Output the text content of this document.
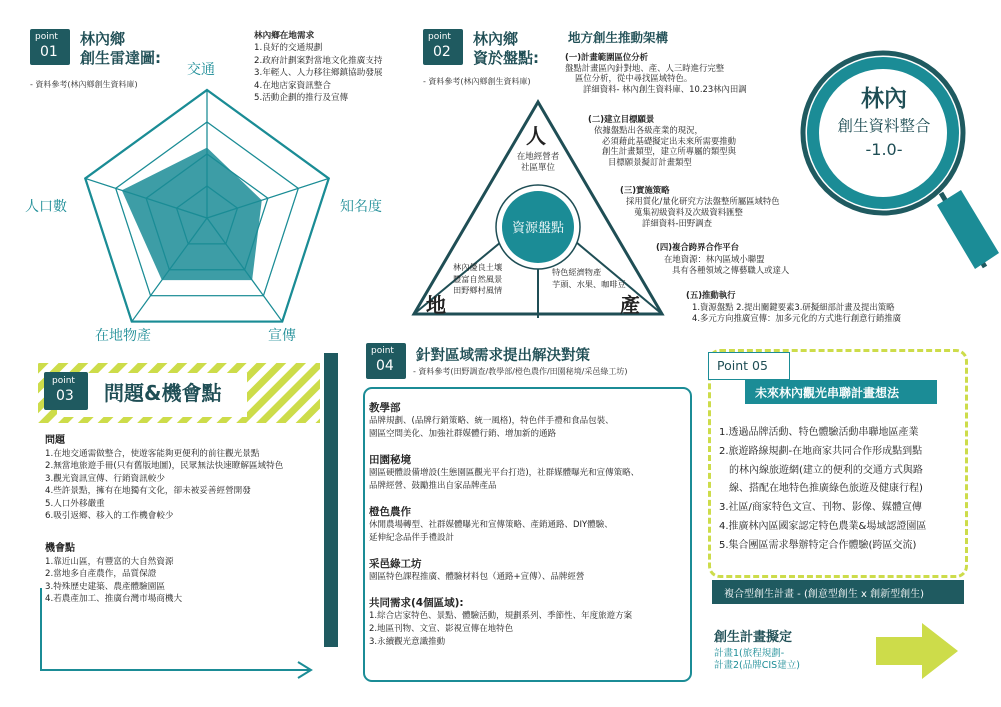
point
01
林內鄉
創生雷達圖:
- 資料參考(林內鄉創生資料庫)
林內鄉在地需求
1.良好的交通規劃
2.政府計劃案對當地文化推廣支持
3.年輕人、人力移往鄉鎮協助發展
4.在地店家資訊整合
5.活動企劃的推行及宣傳
交通
知名度
宣傳
在地物產
人口數
point
02
林內鄉
資於盤點:
- 資料參考(林內鄉創生資料庫)
人
地	產
資源盤點
在地經營者
社區單位
林內優良土壤
豐富自然風景
田野鄉村風情
特色經濟物產
芋頭、水果、咖啡豆
地方創生推動架構
(一)計畫範圍區位分析
盤點計畫區內針對地、產、人三時進行完整
區位分析，從中尋找區域特色。
詳細資料- 林內創生資料庫、10.23林內田調
(二)建立目標願景
依據盤點出各級產業的現況，
必須藉此基礎擬定出未來所需要推動
創生計畫類型，建立所專屬的類型與
目標願景擬訂計畫類型
(三)實施策略
採用質化/量化研究方法盤整所屬區域特色
蒐集初級資料及次級資料匯整
詳細資料-田野調查
(四)複合跨界合作平台
在地資源：林內區域小聯盟
具有各種領域之傳藝職人或達人
(五)推動執行
1.資源盤點 2.提出關鍵要素3.研擬細部計畫及提出策略
4.多元方向推廣宣傳：加多元化的方式進行創意行銷推廣
林內
創生資料整合
-1.0-
point
03 問題&機會點
問題
1.在地交通需做整合，使遊客能夠更便利的前往觀光景點
2.無當地旅遊手冊(只有舊版地圖)，民眾無法快速瞭解區域特色
3.觀光資訊宣傳、行銷資訊較少
4.些許景點，擁有在地獨有文化，卻未被妥善經營開發
5.人口外移嚴重
6.吸引返鄉、移入的工作機會較少
機會點
1.靠近山區，有豐富的大自然資源
2.當地多自產農作，品質保證
3.特殊歷史建築、農產體驗園區
4.若農產加工、推廣台灣市場商機大
point
04
針對區域需求提出解決對策
- 資料參考(田野調查/教學部/橙色農作/田園秘境/采邑綠工坊)
教學部
品牌規劃、(品牌行銷策略、統一風格)，特色伴手禮和食品包裝、
園區空間美化、加強社群媒體行銷、增加新的通路
田園秘境
園區硬體設備增設(生態園區觀光平台打造)，社群媒體曝光和宣傳策略、
品牌經營、鼓勵推出自家品牌產品
橙色農作
休閒農場轉型、社群媒體曝光和宣傳策略、產銷通路、DIY體驗、
延伸紀念品伴手禮設計
采邑綠工坊
園區特色課程推廣、體驗材料包（通路+宣傳）、品牌經營
共同需求(4個區域):
1.綜合店家特色、景點、體驗活動，規劃系列、季節性、年度旅遊方案
2.地區刊物、文宣、影視宣傳在地特色
3.永續觀光意識推動
Point 05
未來林內觀光串聯計畫想法
1.透過品牌活動、特色體驗活動串聯地區產業
2.旅遊路線規劃-在地商家共同合作形成點到點
的林內線旅遊網(建立的便利的交通方式與路
線、搭配在地特色推廣綠色旅遊及健康行程)
3.社區/商家特色文宣、刊物、影像、媒體宣傳
4.推廣林內區國家認定特色農業&場域認證園區
5.集合團區需求舉辦特定合作體驗(跨區交流)
複合型創生計畫 - (創意型創生 x 創新型創生)
創生計畫擬定
計畫1(旅程規劃-
計畫2(品牌CIS建立)
